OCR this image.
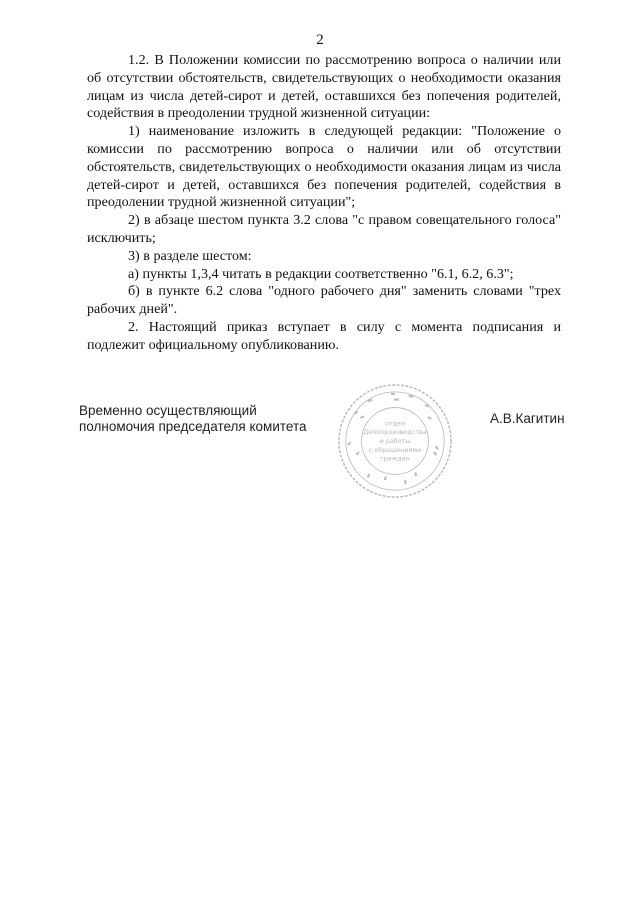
2

1.2. В Положении комиссии по рассмотрению вопроса о наличии или об отсутствии обстоятельств, свидетельствующих о необходимости оказания лицам из числа детей-сирот и детей, оставшихся без попечения родителей, содействия в преодолении трудной жизненной ситуации:

1) наименование изложить в следующей редакции: "Положение о комиссии по рассмотрению вопроса о наличии или об отсутствии обстоятельств, свидетельствующих о необходимости оказания лицам из числа детей-сирот и детей, оставшихся без попечения родителей, содействия в преодолении трудной жизненной ситуации";

2) в абзаце шестом пункта 3.2 слова "с правом совещательного голоса" исключить;

3) в разделе шестом:

а) пункты 1,3,4 читать в редакции соответственно "6.1, 6.2, 6.3";

б) в пункте 6.2 слова "одного рабочего дня" заменить словами "трех рабочих дней".

2. Настоящий приказ вступает в силу с момента подписания и подлежит официальному опубликованию.

Временно осуществляющий
полномочия председателя комитета	отдел
Делопроизводства
и работы
с обращениями
граждан
А.В.Кагитин
